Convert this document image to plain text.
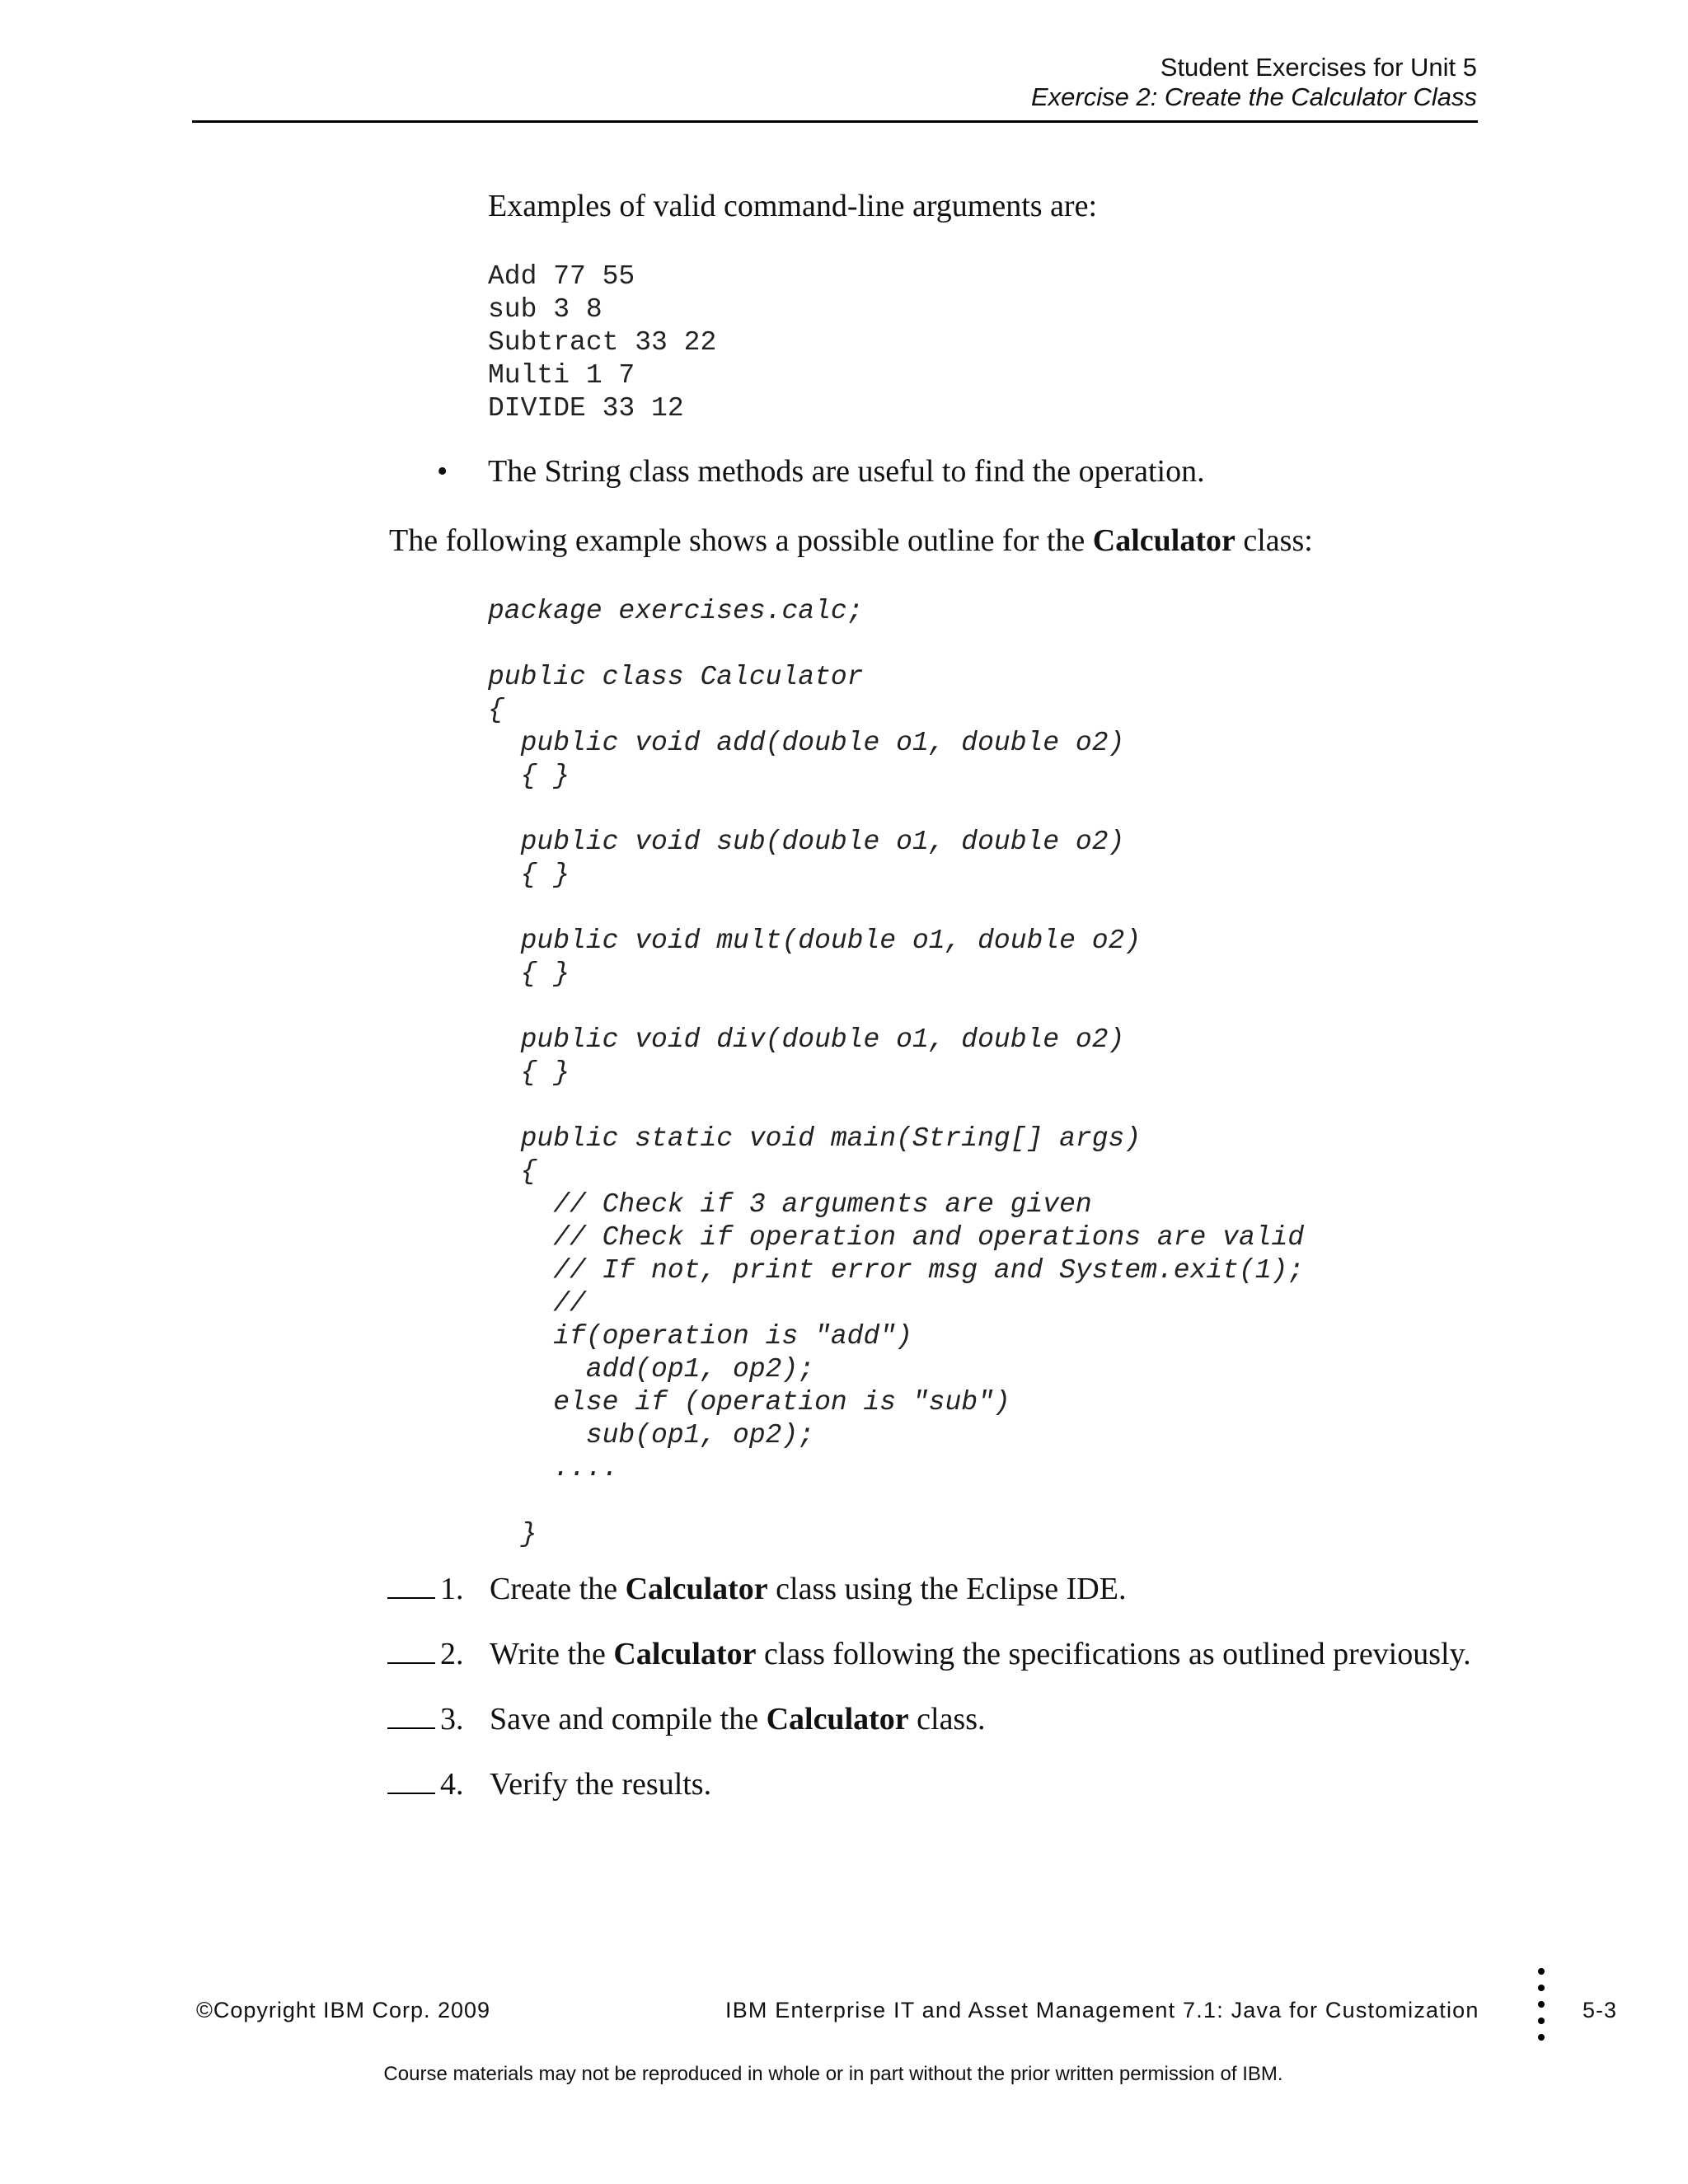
Student Exercises for Unit 5
Exercise 2: Create the Calculator Class
Examples of valid command-line arguments are:
Add 77 55
sub 3 8
Subtract 33 22
Multi 1 7
DIVIDE 33 12
• The String class methods are useful to find the operation.
The following example shows a possible outline for the Calculator class:
package exercises.calc;

public class Calculator
{
public void add(double o1, double o2)
{ }

public void sub(double o1, double o2)
{ }

public void mult(double o1, double o2)
{ }

public void div(double o1, double o2)
{ }

public static void main(String[] args)
{
// Check if 3 arguments are given
// Check if operation and operations are valid
// If not, print error msg and System.exit(1);
//
if(operation is "add")
add(op1, op2);
else if (operation is "sub")
sub(op1, op2);
....

}
1. Create the Calculator class using the Eclipse IDE.
2. Write the Calculator class following the specifications as outlined previously.
3. Save and compile the Calculator class.
4. Verify the results.
©Copyright IBM Corp. 2009	IBM Enterprise IT and Asset Management 7.1: Java for Customization	5-3
Course materials may not be reproduced in whole or in part without the prior written permission of IBM.
